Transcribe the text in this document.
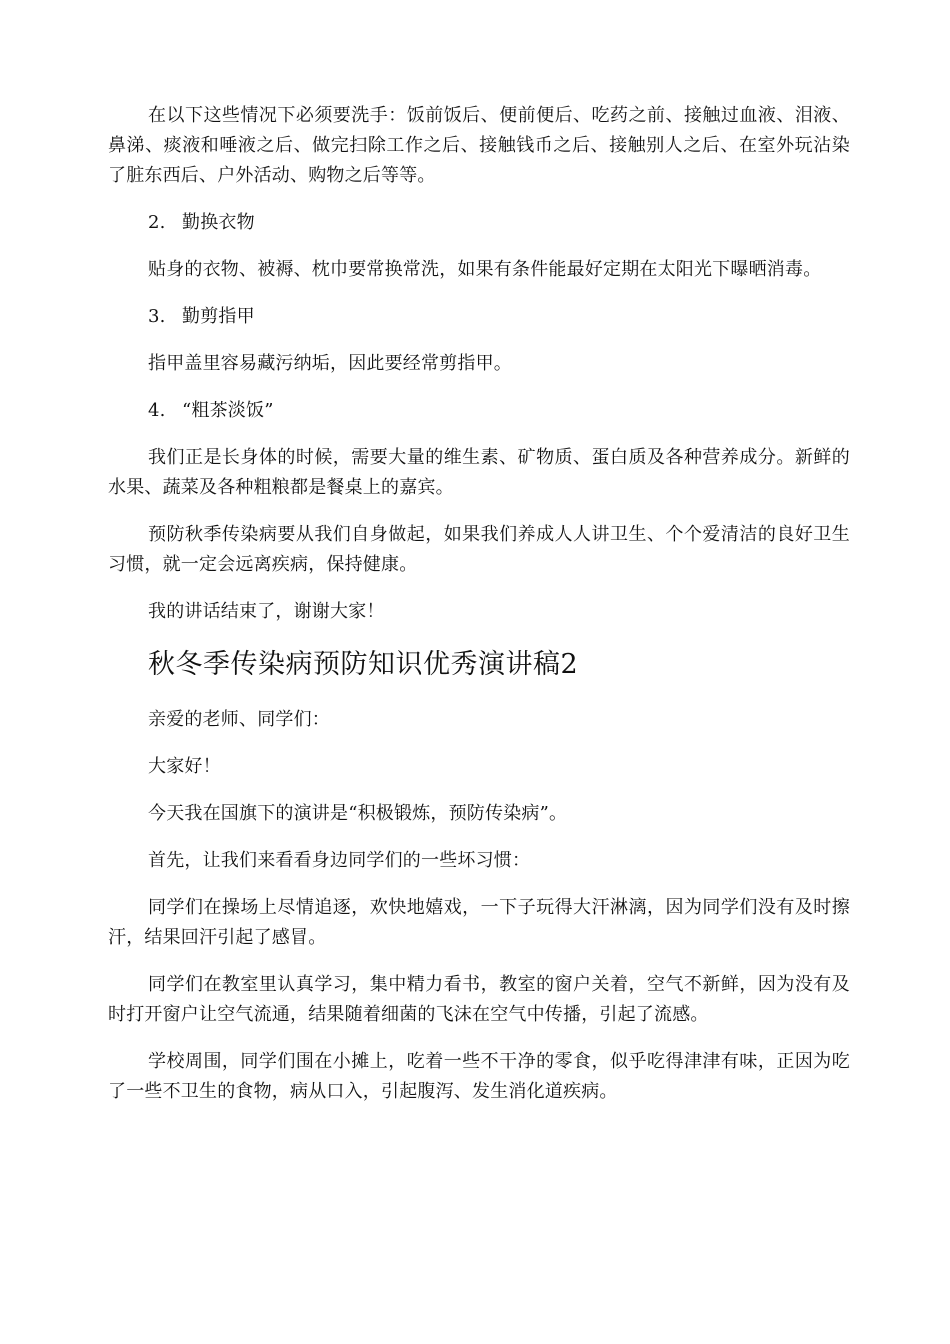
在以下这些情况下必须要洗手：饭前饭后、便前便后、吃药之前、接触过血液、泪液、鼻涕、痰液和唾液之后、做完扫除工作之后、接触钱币之后、接触别人之后、在室外玩沾染了脏东西后、户外活动、购物之后等等。

2. 勤换衣物

贴身的衣物、被褥、枕巾要常换常洗，如果有条件能最好定期在太阳光下曝晒消毒。

3. 勤剪指甲

指甲盖里容易藏污纳垢，因此要经常剪指甲。

4. “粗茶淡饭”

我们正是长身体的时候，需要大量的维生素、矿物质、蛋白质及各种营养成分。新鲜的水果、蔬菜及各种粗粮都是餐桌上的嘉宾。

预防秋季传染病要从我们自身做起，如果我们养成人人讲卫生、个个爱清洁的良好卫生习惯，就一定会远离疾病，保持健康。

我的讲话结束了，谢谢大家！

秋冬季传染病预防知识优秀演讲稿2

亲爱的老师、同学们：

大家好！

今天我在国旗下的演讲是“积极锻炼，预防传染病”。

首先，让我们来看看身边同学们的一些坏习惯：

同学们在操场上尽情追逐，欢快地嬉戏，一下子玩得大汗淋漓，因为同学们没有及时擦汗，结果回汗引起了感冒。

同学们在教室里认真学习，集中精力看书，教室的窗户关着，空气不新鲜，因为没有及时打开窗户让空气流通，结果随着细菌的飞沫在空气中传播，引起了流感。

学校周围，同学们围在小摊上，吃着一些不干净的零食，似乎吃得津津有味，正因为吃了一些不卫生的食物，病从口入，引起腹泻、发生消化道疾病。
